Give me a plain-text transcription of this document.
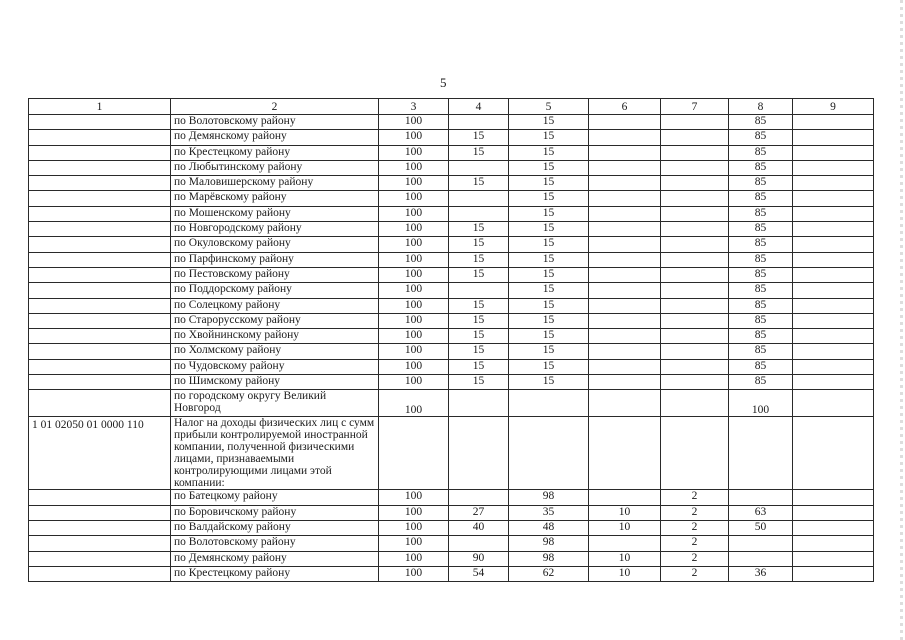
5
1	2	3	4	5	6	7	8	9
	по Волотовскому району	100		15			85	
	по Демянскому району	100	15	15			85	
	по Крестецкому району	100	15	15			85	
	по Любытинскому району	100		15			85	
	по Маловишерскому району	100	15	15			85	
	по Марёвскому району	100		15			85	
	по Мошенскому району	100		15			85	
	по Новгородскому району	100	15	15			85	
	по Окуловскому району	100	15	15			85	
	по Парфинскому району	100	15	15			85	
	по Пестовскому району	100	15	15			85	
	по Поддорскому району	100		15			85	
	по Солецкому району	100	15	15			85	
	по Старорусскому району	100	15	15			85	
	по Хвойнинскому району	100	15	15			85	
	по Холмскому району	100	15	15			85	
	по Чудовскому району	100	15	15			85	
	по Шимскому району	100	15	15			85	
	по городскому округу Великий Новгород	100					100	
1 01 02050 01 0000 110	Налог на доходы физических лиц с сумм прибыли контролируемой иностранной компании, полученной физическими лицами, признаваемыми контролирующими лицами этой компании:							
	по Батецкому району	100		98		2		
	по Боровичскому району	100	27	35	10	2	63	
	по Валдайскому району	100	40	48	10	2	50	
	по Волотовскому району	100		98		2		
	по Демянскому району	100	90	98	10	2		
	по Крестецкому району	100	54	62	10	2	36	
